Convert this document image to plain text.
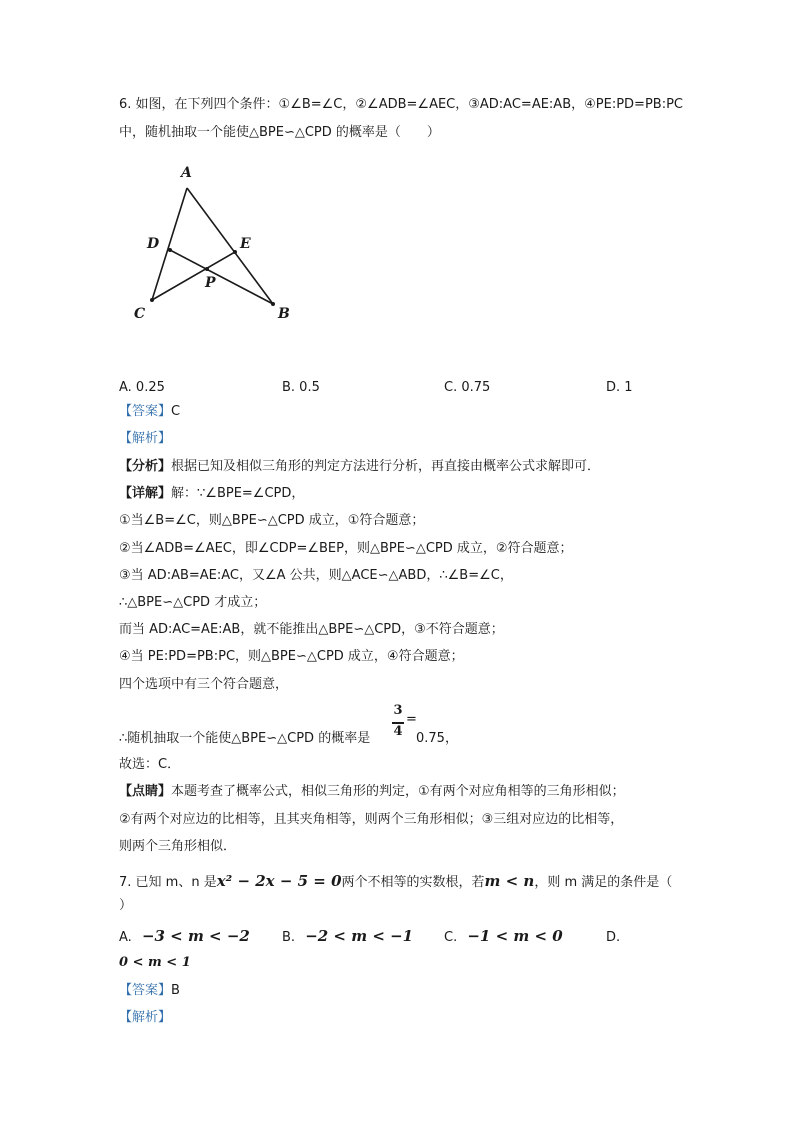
6. 如图，在下列四个条件：①∠B=∠C，②∠ADB=∠AEC，③AD:AC=AE:AB，④PE:PD=PB:PC
中，随机抽取一个能使△BPE∽△CPD 的概率是（　　）
A
D	E
P
C	B
A. 0.25	B. 0.5	C. 0.75	D. 1
【答案】C
【解析】
【分析】根据已知及相似三角形的判定方法进行分析，再直接由概率公式求解即可．
【详解】解：∵∠BPE=∠CPD，
①当∠B=∠C，则△BPE∽△CPD 成立，①符合题意；
②当∠ADB=∠AEC，即∠CDP=∠BEP，则△BPE∽△CPD 成立，②符合题意；
③当 AD:AB=AE:AC，又∠A 公共，则△ACE∽△ABD，∴∠B=∠C，
∴△BPE∽△CPD 才成立；
而当 AD:AC=AE:AB，就不能推出△BPE∽△CPD，③不符合题意；
④当 PE:PD=PB:PC，则△BPE∽△CPD 成立，④符合题意；
四个选项中有三个符合题意，
∴随机抽取一个能使△BPE∽△CPD 的概率是
3
4
=
0.75，
故选：C．
【点睛】本题考查了概率公式，相似三角形的判定，①有两个对应角相等的三角形相似；
②有两个对应边的比相等，且其夹角相等，则两个三角形相似；③三组对应边的比相等，
则两个三角形相似．
7. 已知 m、n 是x² − 2x − 5 = 0两个不相等的实数根，若m < n，则 m 满足的条件是（
）
A. −3 < m < −2 B. −2 < m < −1 C. −1 < m < 0	D.
0 < m < 1
【答案】B
【解析】
